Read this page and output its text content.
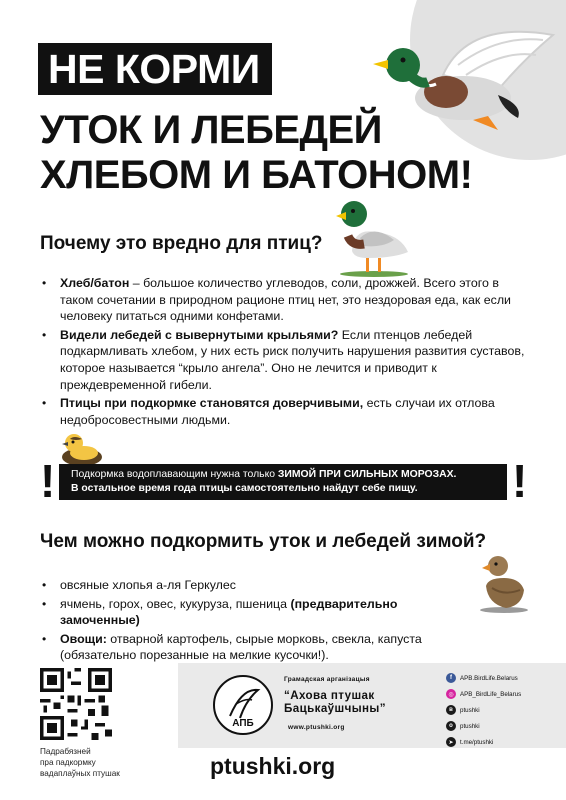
НЕ КОРМИ
УТОК И ЛЕБЕДЕЙ
ХЛЕБОМ И БАТОНОМ!
Почему это вредно для птиц?
• Хлеб/батон – большое количество углеводов, соли, дрожжей. Всего этого в таком сочетании в природном рационе птиц нет, это нездоровая еда, как если человеку питаться одними конфетами.
• Видели лебедей с вывернутыми крыльями? Если птенцов лебедей подкармливать хлебом, у них есть риск получить нарушения развития суставов, которое называется “крыло ангела”. Оно не лечится и приводит к преждевременной гибели.
• Птицы при подкормке становятся доверчивыми, есть случаи их отлова недобросовестными людьми.
!	!
Подкормка водоплавающим нужна только ЗИМОЙ ПРИ СИЛЬНЫХ МОРОЗАХ.
В остальное время года птицы самостоятельно найдут себе пищу.
Чем можно подкормить уток и лебедей зимой?
• овсяные хлопья а-ля Геркулес
• ячмень, горох, овес, кукуруза, пшеница (предварительно замоченные)
• Овощи: отварной картофель, сырые морковь, свекла, капуста (обязательно порезанные на мелкие кусочки!).
Падрабязней
пра падкормку
вадаплаўных птушак
АПБ
Грамадская арганізацыя
“Ахова птушак
Бацькаўшчыны”
www.ptushki.org
f	APB.BirdLife.Belarus
◎	APB_BirdLife_Belarus
в	ptushki
о	ptushki
➤	t.me/ptushki
ptushki.org
